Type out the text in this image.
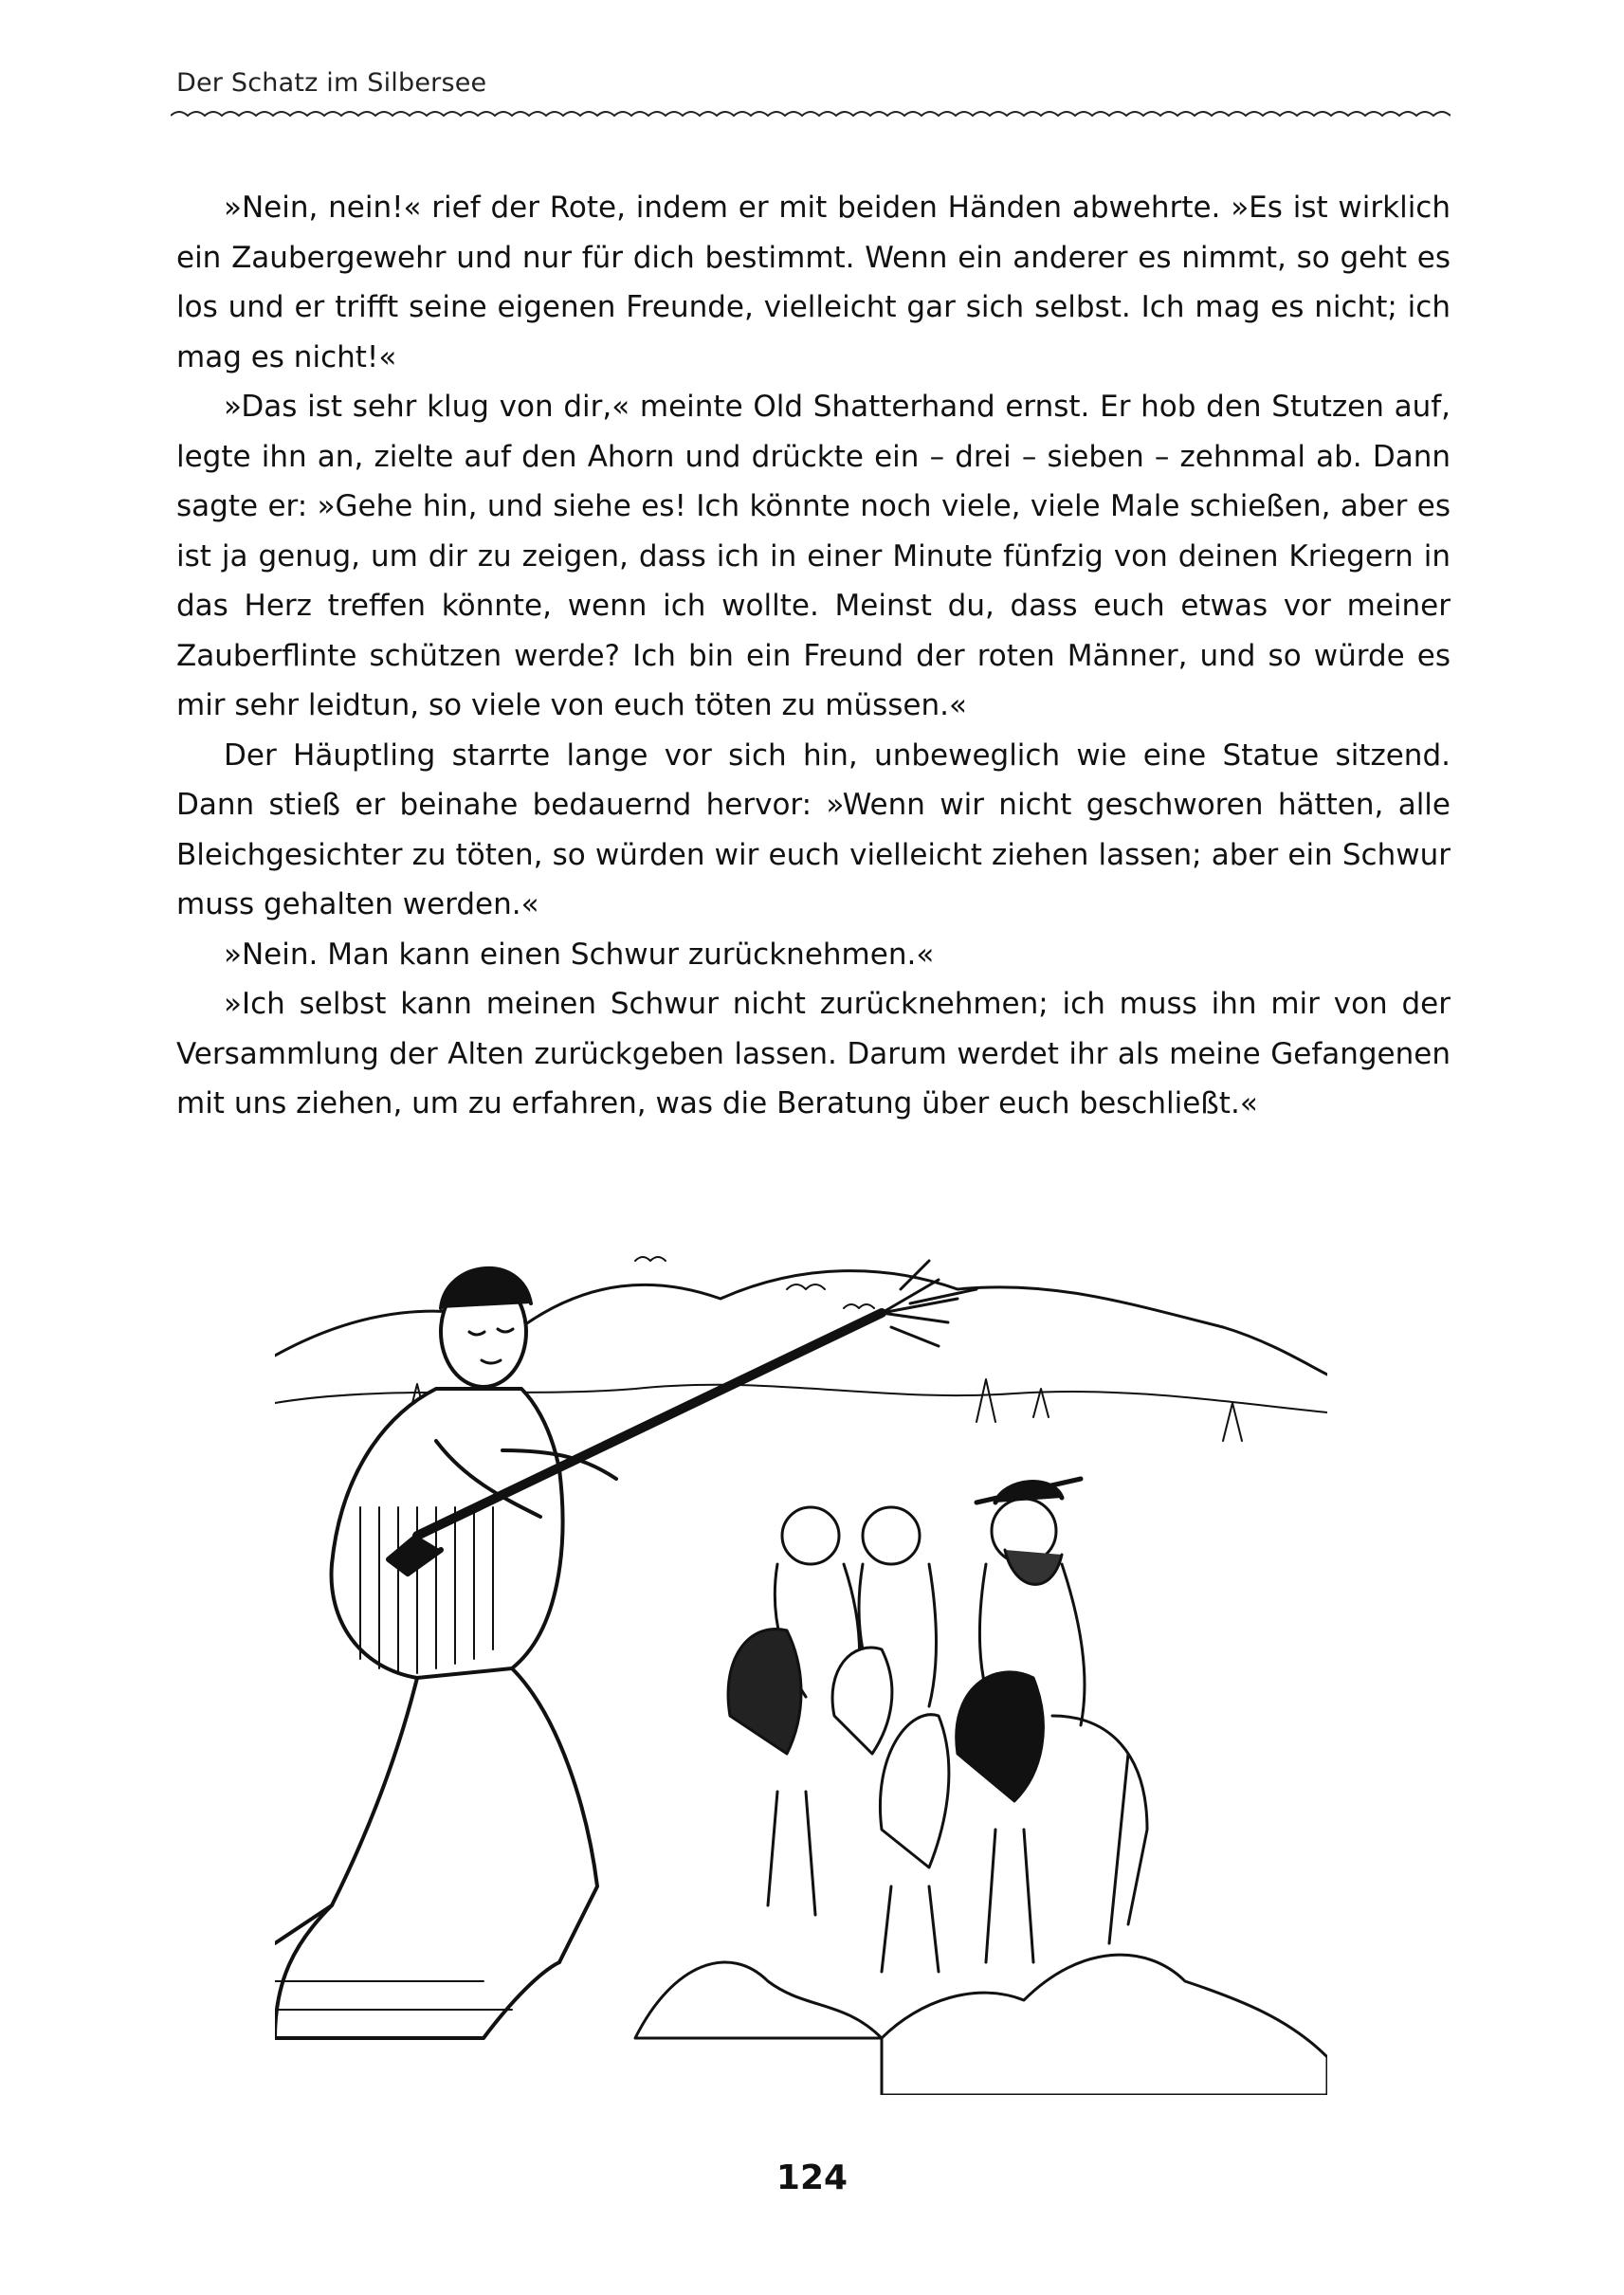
Der Schatz im Silbersee

»Nein, nein!« rief der Rote, indem er mit beiden Händen abwehrte. »Es ist wirklich ein Zaubergewehr und nur für dich bestimmt. Wenn ein anderer es nimmt, so geht es los und er trifft seine eigenen Freunde, vielleicht gar sich selbst. Ich mag es nicht; ich mag es nicht!«

»Das ist sehr klug von dir,« meinte Old Shatterhand ernst. Er hob den Stutzen auf, legte ihn an, zielte auf den Ahorn und drückte ein – drei – sieben – zehnmal ab. Dann sagte er: »Gehe hin, und siehe es! Ich könnte noch viele, viele Male schießen, aber es ist ja genug, um dir zu zeigen, dass ich in einer Minute fünfzig von deinen Kriegern in das Herz treffen könnte, wenn ich wollte. Meinst du, dass euch etwas vor meiner Zauberflinte schützen werde? Ich bin ein Freund der roten Männer, und so würde es mir sehr leidtun, so viele von euch töten zu müssen.«

Der Häuptling starrte lange vor sich hin, unbeweglich wie eine Statue sitzend. Dann stieß er beinahe bedauernd hervor: »Wenn wir nicht geschworen hätten, alle Bleichgesichter zu töten, so würden wir euch vielleicht ziehen lassen; aber ein Schwur muss gehalten werden.«

»Nein. Man kann einen Schwur zurücknehmen.«

»Ich selbst kann meinen Schwur nicht zurücknehmen; ich muss ihn mir von der Versammlung der Alten zurückgeben lassen. Darum werdet ihr als meine Gefangenen mit uns ziehen, um zu erfahren, was die Beratung über euch beschließt.«

124
